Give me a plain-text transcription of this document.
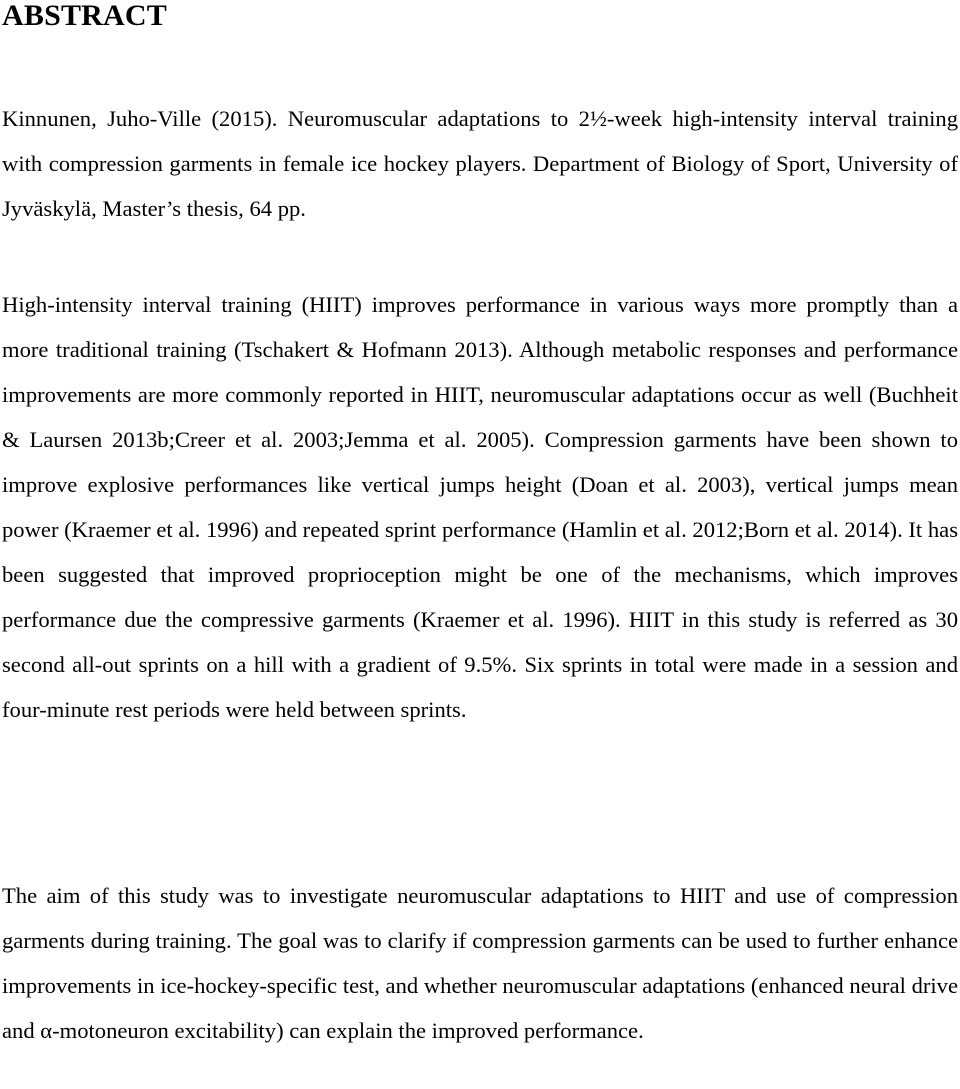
ABSTRACT

Kinnunen, Juho-Ville (2015). Neuromuscular adaptations to 2½-week high-intensity interval training with compression garments in female ice hockey players. Department of Biology of Sport, University of Jyväskylä, Master’s thesis, 64 pp.

High-intensity interval training (HIIT) improves performance in various ways more promptly than a more traditional training (Tschakert & Hofmann 2013). Although metabolic responses and performance improvements are more commonly reported in HIIT, neuromuscular adaptations occur as well (Buchheit & Laursen 2013b;Creer et al. 2003;Jemma et al. 2005). Compression garments have been shown to improve explosive performances like vertical jumps height (Doan et al. 2003), vertical jumps mean power (Kraemer et al. 1996) and repeated sprint performance (Hamlin et al. 2012;Born et al. 2014). It has been suggested that improved proprioception might be one of the mechanisms, which improves performance due the compressive garments (Kraemer et al. 1996). HIIT in this study is referred as 30 second all-out sprints on a hill with a gradient of 9.5%. Six sprints in total were made in a session and four-minute rest periods were held between sprints.

The aim of this study was to investigate neuromuscular adaptations to HIIT and use of compression garments during training. The goal was to clarify if compression garments can be used to further enhance improvements in ice-hockey-specific test, and whether neuromuscular adaptations (enhanced neural drive and α-motoneuron excitability) can explain the improved performance.
